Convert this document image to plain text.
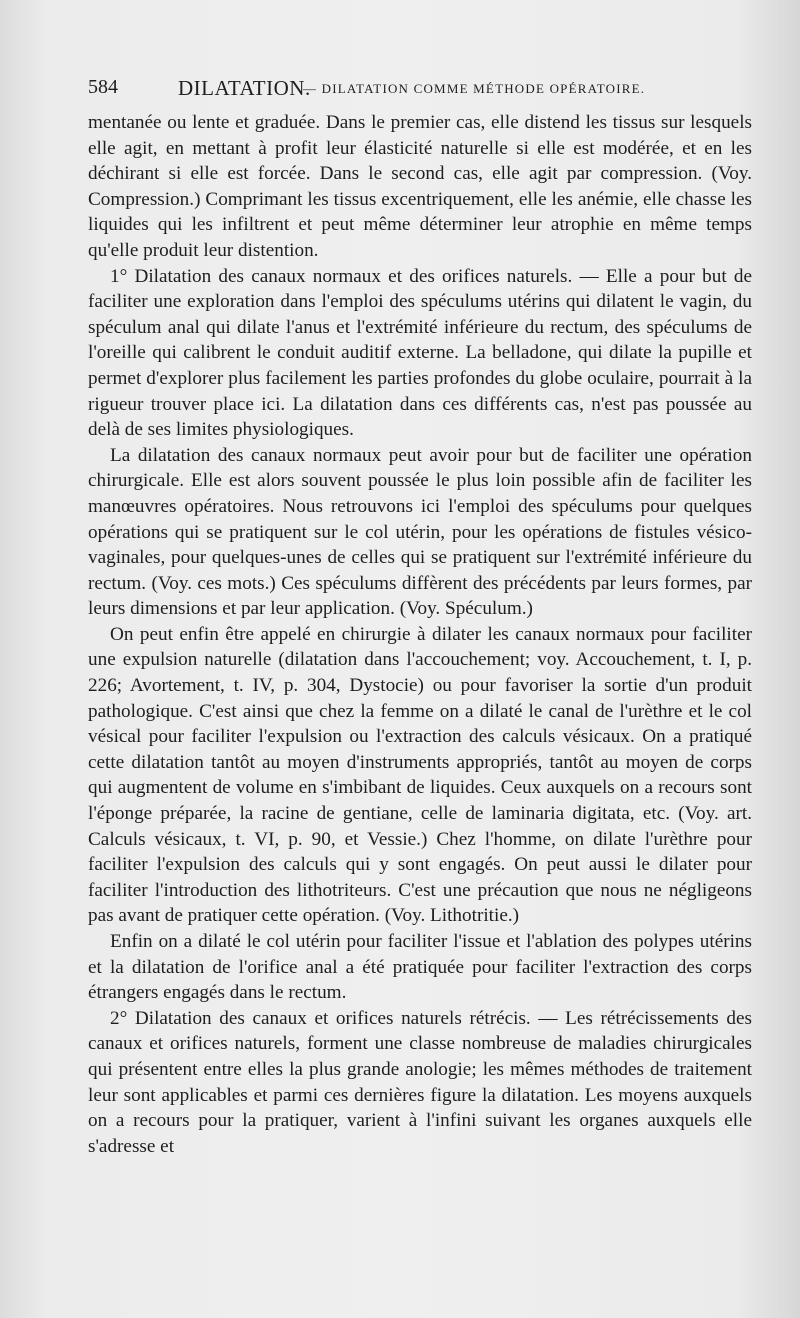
584	DILATATION.
— DILATATION COMME MÉTHODE OPÉRATOIRE.

mentanée ou lente et graduée. Dans le premier cas, elle distend les tissus sur lesquels elle agit, en mettant à profit leur élasticité naturelle si elle est modérée, et en les déchirant si elle est forcée. Dans le second cas, elle agit par compression. (Voy. Compression.) Comprimant les tissus excentriquement, elle les anémie, elle chasse les liquides qui les infiltrent et peut même déterminer leur atrophie en même temps qu'elle produit leur distention.

1° Dilatation des canaux normaux et des orifices naturels. — Elle a pour but de faciliter une exploration dans l'emploi des spéculums utérins qui dilatent le vagin, du spéculum anal qui dilate l'anus et l'extrémité inférieure du rectum, des spéculums de l'oreille qui calibrent le conduit auditif externe. La belladone, qui dilate la pupille et permet d'explorer plus facilement les parties profondes du globe oculaire, pourrait à la rigueur trouver place ici. La dilatation dans ces différents cas, n'est pas poussée au delà de ses limites physiologiques.

La dilatation des canaux normaux peut avoir pour but de faciliter une opération chirurgicale. Elle est alors souvent poussée le plus loin possible afin de faciliter les manœuvres opératoires. Nous retrouvons ici l'emploi des spéculums pour quelques opérations qui se pratiquent sur le col utérin, pour les opérations de fistules vésico-vaginales, pour quelques-unes de celles qui se pratiquent sur l'extrémité inférieure du rectum. (Voy. ces mots.) Ces spéculums diffèrent des précédents par leurs formes, par leurs dimensions et par leur application. (Voy. Spéculum.)

On peut enfin être appelé en chirurgie à dilater les canaux normaux pour faciliter une expulsion naturelle (dilatation dans l'accouchement; voy. Accouchement, t. I, p. 226; Avortement, t. IV, p. 304, Dystocie) ou pour favoriser la sortie d'un produit pathologique. C'est ainsi que chez la femme on a dilaté le canal de l'urèthre et le col vésical pour faciliter l'expulsion ou l'extraction des calculs vésicaux. On a pratiqué cette dilatation tantôt au moyen d'instruments appropriés, tantôt au moyen de corps qui augmentent de volume en s'imbibant de liquides. Ceux auxquels on a recours sont l'éponge préparée, la racine de gentiane, celle de laminaria digitata, etc. (Voy. art. Calculs vésicaux, t. VI, p. 90, et Vessie.) Chez l'homme, on dilate l'urèthre pour faciliter l'expulsion des calculs qui y sont engagés. On peut aussi le dilater pour faciliter l'introduction des lithotriteurs. C'est une précaution que nous ne négligeons pas avant de pratiquer cette opération. (Voy. Lithotritie.)

Enfin on a dilaté le col utérin pour faciliter l'issue et l'ablation des polypes utérins et la dilatation de l'orifice anal a été pratiquée pour faciliter l'extraction des corps étrangers engagés dans le rectum.

2° Dilatation des canaux et orifices naturels rétrécis. — Les rétrécissements des canaux et orifices naturels, forment une classe nombreuse de maladies chirurgicales qui présentent entre elles la plus grande anologie; les mêmes méthodes de traitement leur sont applicables et parmi ces dernières figure la dilatation. Les moyens auxquels on a recours pour la pratiquer, varient à l'infini suivant les organes auxquels elle s'adresse et
